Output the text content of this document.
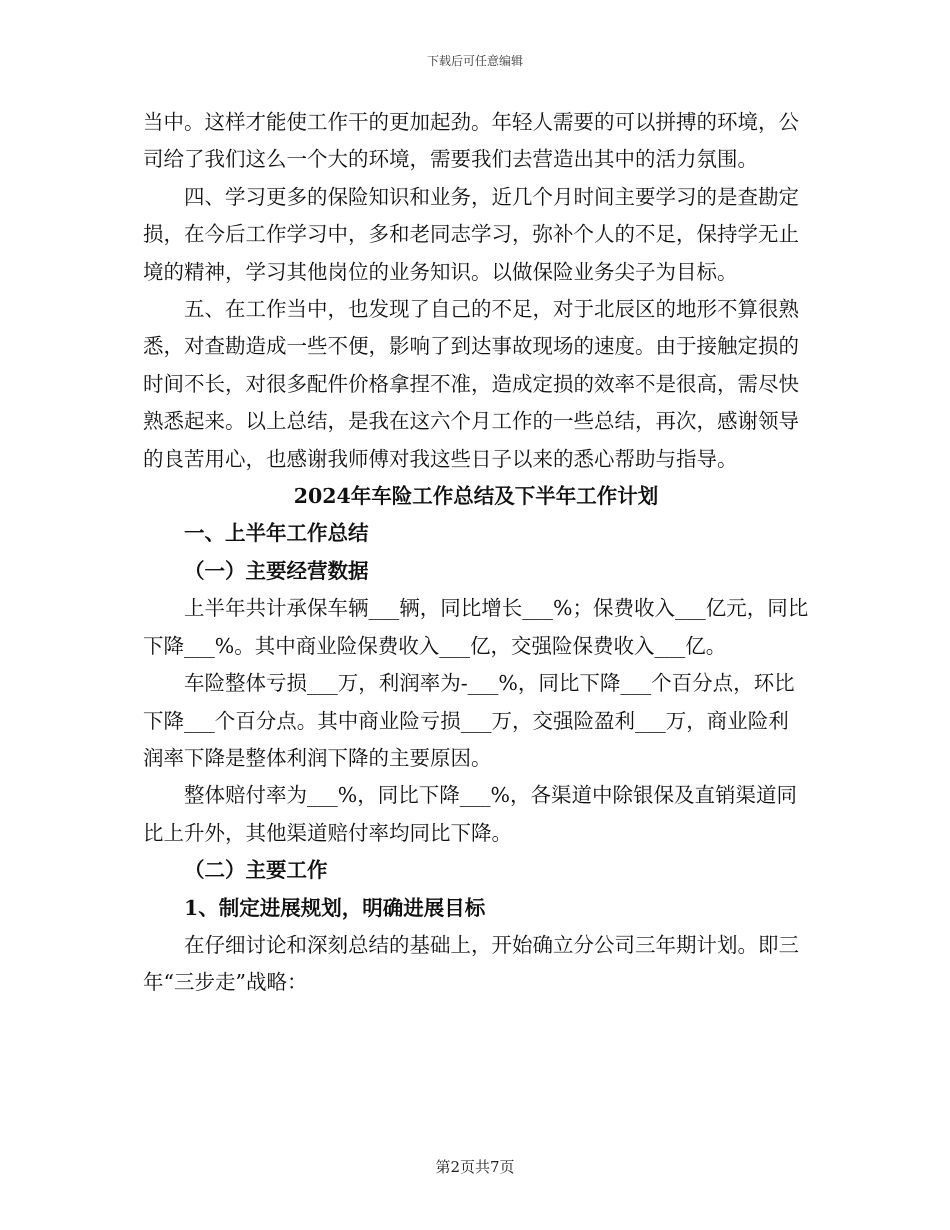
下载后可任意编辑

当中。这样才能使工作干的更加起劲。年轻人需要的可以拼搏的环境，公司给了我们这么一个大的环境，需要我们去营造出其中的活力氛围。

四、学习更多的保险知识和业务，近几个月时间主要学习的是查勘定损，在今后工作学习中，多和老同志学习，弥补个人的不足，保持学无止境的精神，学习其他岗位的业务知识。以做保险业务尖子为目标。

五、在工作当中，也发现了自己的不足，对于北辰区的地形不算很熟悉，对查勘造成一些不便，影响了到达事故现场的速度。由于接触定损的时间不长，对很多配件价格拿捏不准，造成定损的效率不是很高，需尽快熟悉起来。以上总结，是我在这六个月工作的一些总结，再次，感谢领导的良苦用心，也感谢我师傅对我这些日子以来的悉心帮助与指导。

2024年车险工作总结及下半年工作计划

一、上半年工作总结

（一）主要经营数据

上半年共计承保车辆___辆，同比增长___%；保费收入___亿元，同比下降___%。其中商业险保费收入___亿，交强险保费收入___亿。

车险整体亏损___万，利润率为-___%，同比下降___个百分点，环比下降___个百分点。其中商业险亏损___万，交强险盈利___万，商业险利润率下降是整体利润下降的主要原因。

整体赔付率为___%，同比下降___%，各渠道中除银保及直销渠道同比上升外，其他渠道赔付率均同比下降。

（二）主要工作

1、制定进展规划，明确进展目标

在仔细讨论和深刻总结的基础上，开始确立分公司三年期计划。即三年“三步走”战略：

第2页共7页
